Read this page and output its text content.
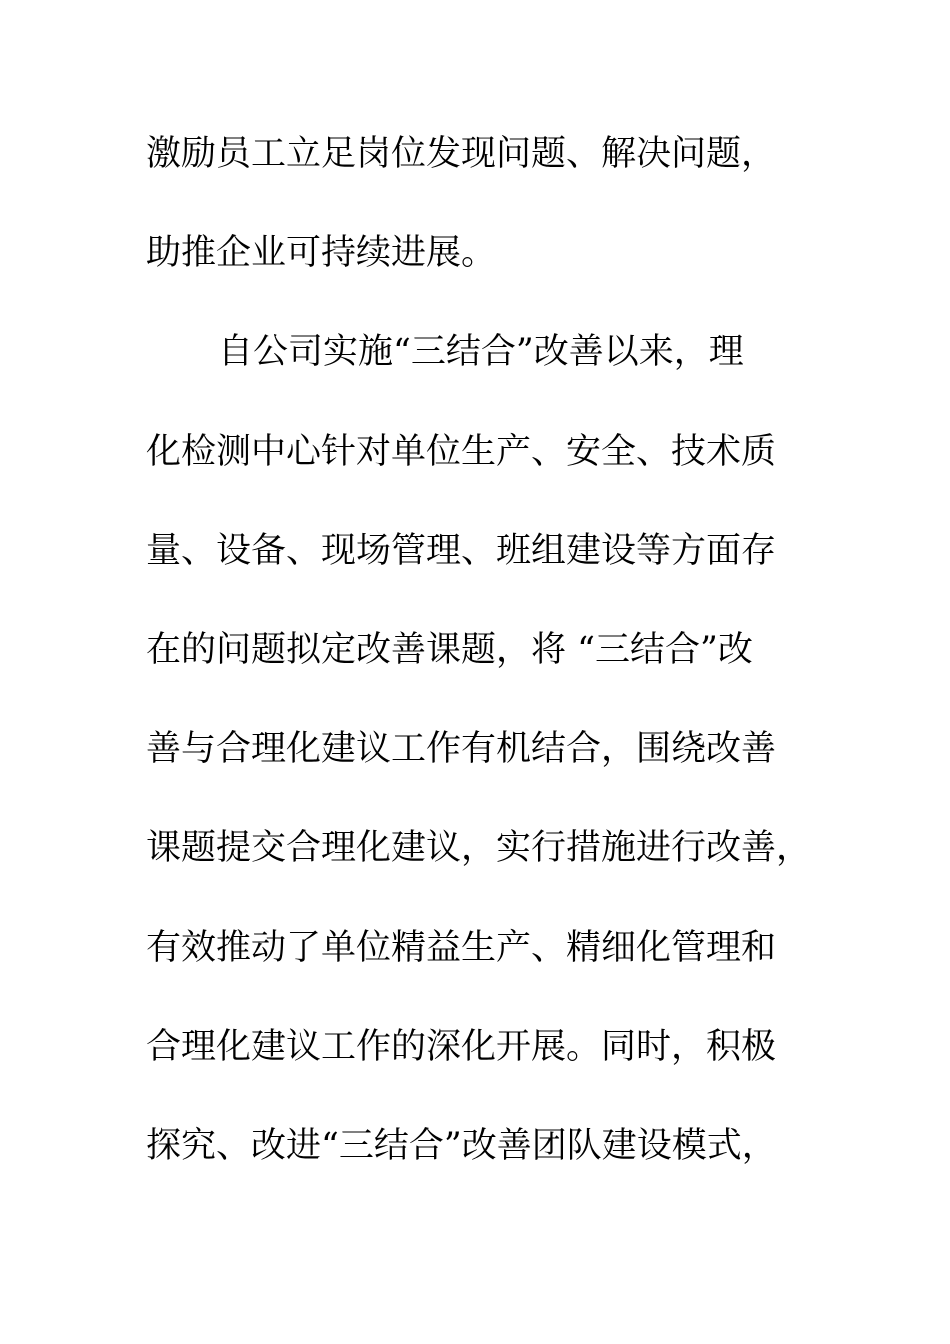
激励员工立足岗位发现问题、解决问题，
助推企业可持续进展。
自公司实施“三结合”改善以来，理
化检测中心针对单位生产、安全、技术质
量、设备、现场管理、班组建设等方面存
在的问题拟定改善课题，将 “三结合”改
善与合理化建议工作有机结合，围绕改善
课题提交合理化建议，实行措施进行改善，
有效推动了单位精益生产、精细化管理和
合理化建议工作的深化开展。同时，积极
探究、改进“三结合”改善团队建设模式，
